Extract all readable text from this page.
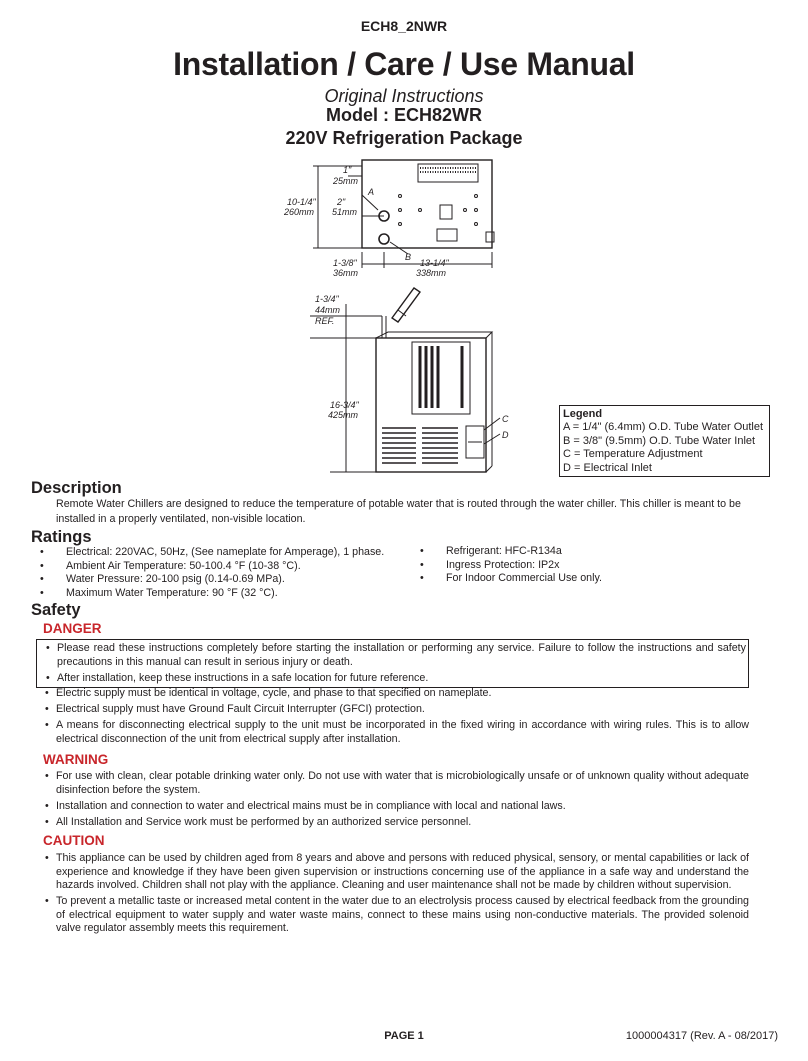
ECH8_2NWR
Installation / Care / Use Manual
Original Instructions
Model : ECH82WR
220V Refrigeration Package
1"
25mm
A
10-1/4"
260mm
2"
51mm
B
1-3/8"
36mm
13-1/4"
338mm
1-3/4"
44mm
REF.
16-3/4"
425mm	C
D
Legend
A = 1/4" (6.4mm) O.D. Tube Water Outlet
B = 3/8" (9.5mm) O.D. Tube Water Inlet
C = Temperature Adjustment
D = Electrical Inlet
Description
Remote Water Chillers are designed to reduce the temperature of potable water that is routed through the water chiller. This chiller is meant to be installed in a properly ventilated, non-visible location.
Ratings
• Electrical: 220VAC, 50Hz, (See nameplate for Amperage), 1 phase.
• Ambient Air Temperature: 50-100.4 °F (10-38 °C).
• Water Pressure: 20-100 psig (0.14-0.69 MPa).
• Maximum Water Temperature: 90 °F (32 °C).
• Refrigerant: HFC-R134a
• Ingress Protection: IP2x
• For Indoor Commercial Use only.
Safety
DANGER
• Please read these instructions completely before starting the installation or performing any service. Failure to follow the instructions and safety precautions in this manual can result in serious injury or death.
• After installation, keep these instructions in a safe location for future reference.
• Electric supply must be identical in voltage, cycle, and phase to that specified on nameplate.
• Electrical supply must have Ground Fault Circuit Interrupter (GFCI) protection.
• A means for disconnecting electrical supply to the unit must be incorporated in the fixed wiring in accordance with wiring rules. This is to allow electrical disconnection of the unit from electrical supply after installation.
WARNING
• For use with clean, clear potable drinking water only. Do not use with water that is microbiologically unsafe or of unknown quality without adequate disinfection before the system.
• Installation and connection to water and electrical mains must be in compliance with local and national laws.
• All Installation and Service work must be performed by an authorized service personnel.
CAUTION
• This appliance can be used by children aged from 8 years and above and persons with reduced physical, sensory, or mental capabilities or lack of experience and knowledge if they have been given supervision or instructions concerning use of the appliance in a safe way and understand the hazards involved. Children shall not play with the appliance. Cleaning and user maintenance shall not be made by children without supervision.
• To prevent a metallic taste or increased metal content in the water due to an electrolysis process caused by electrical feedback from the grounding of electrical equipment to water supply and water waste mains, connect to these mains using non-conductive materials. The provided solenoid valve regulator assembly meets this requirement.
PAGE 1	1000004317 (Rev. A - 08/2017)
